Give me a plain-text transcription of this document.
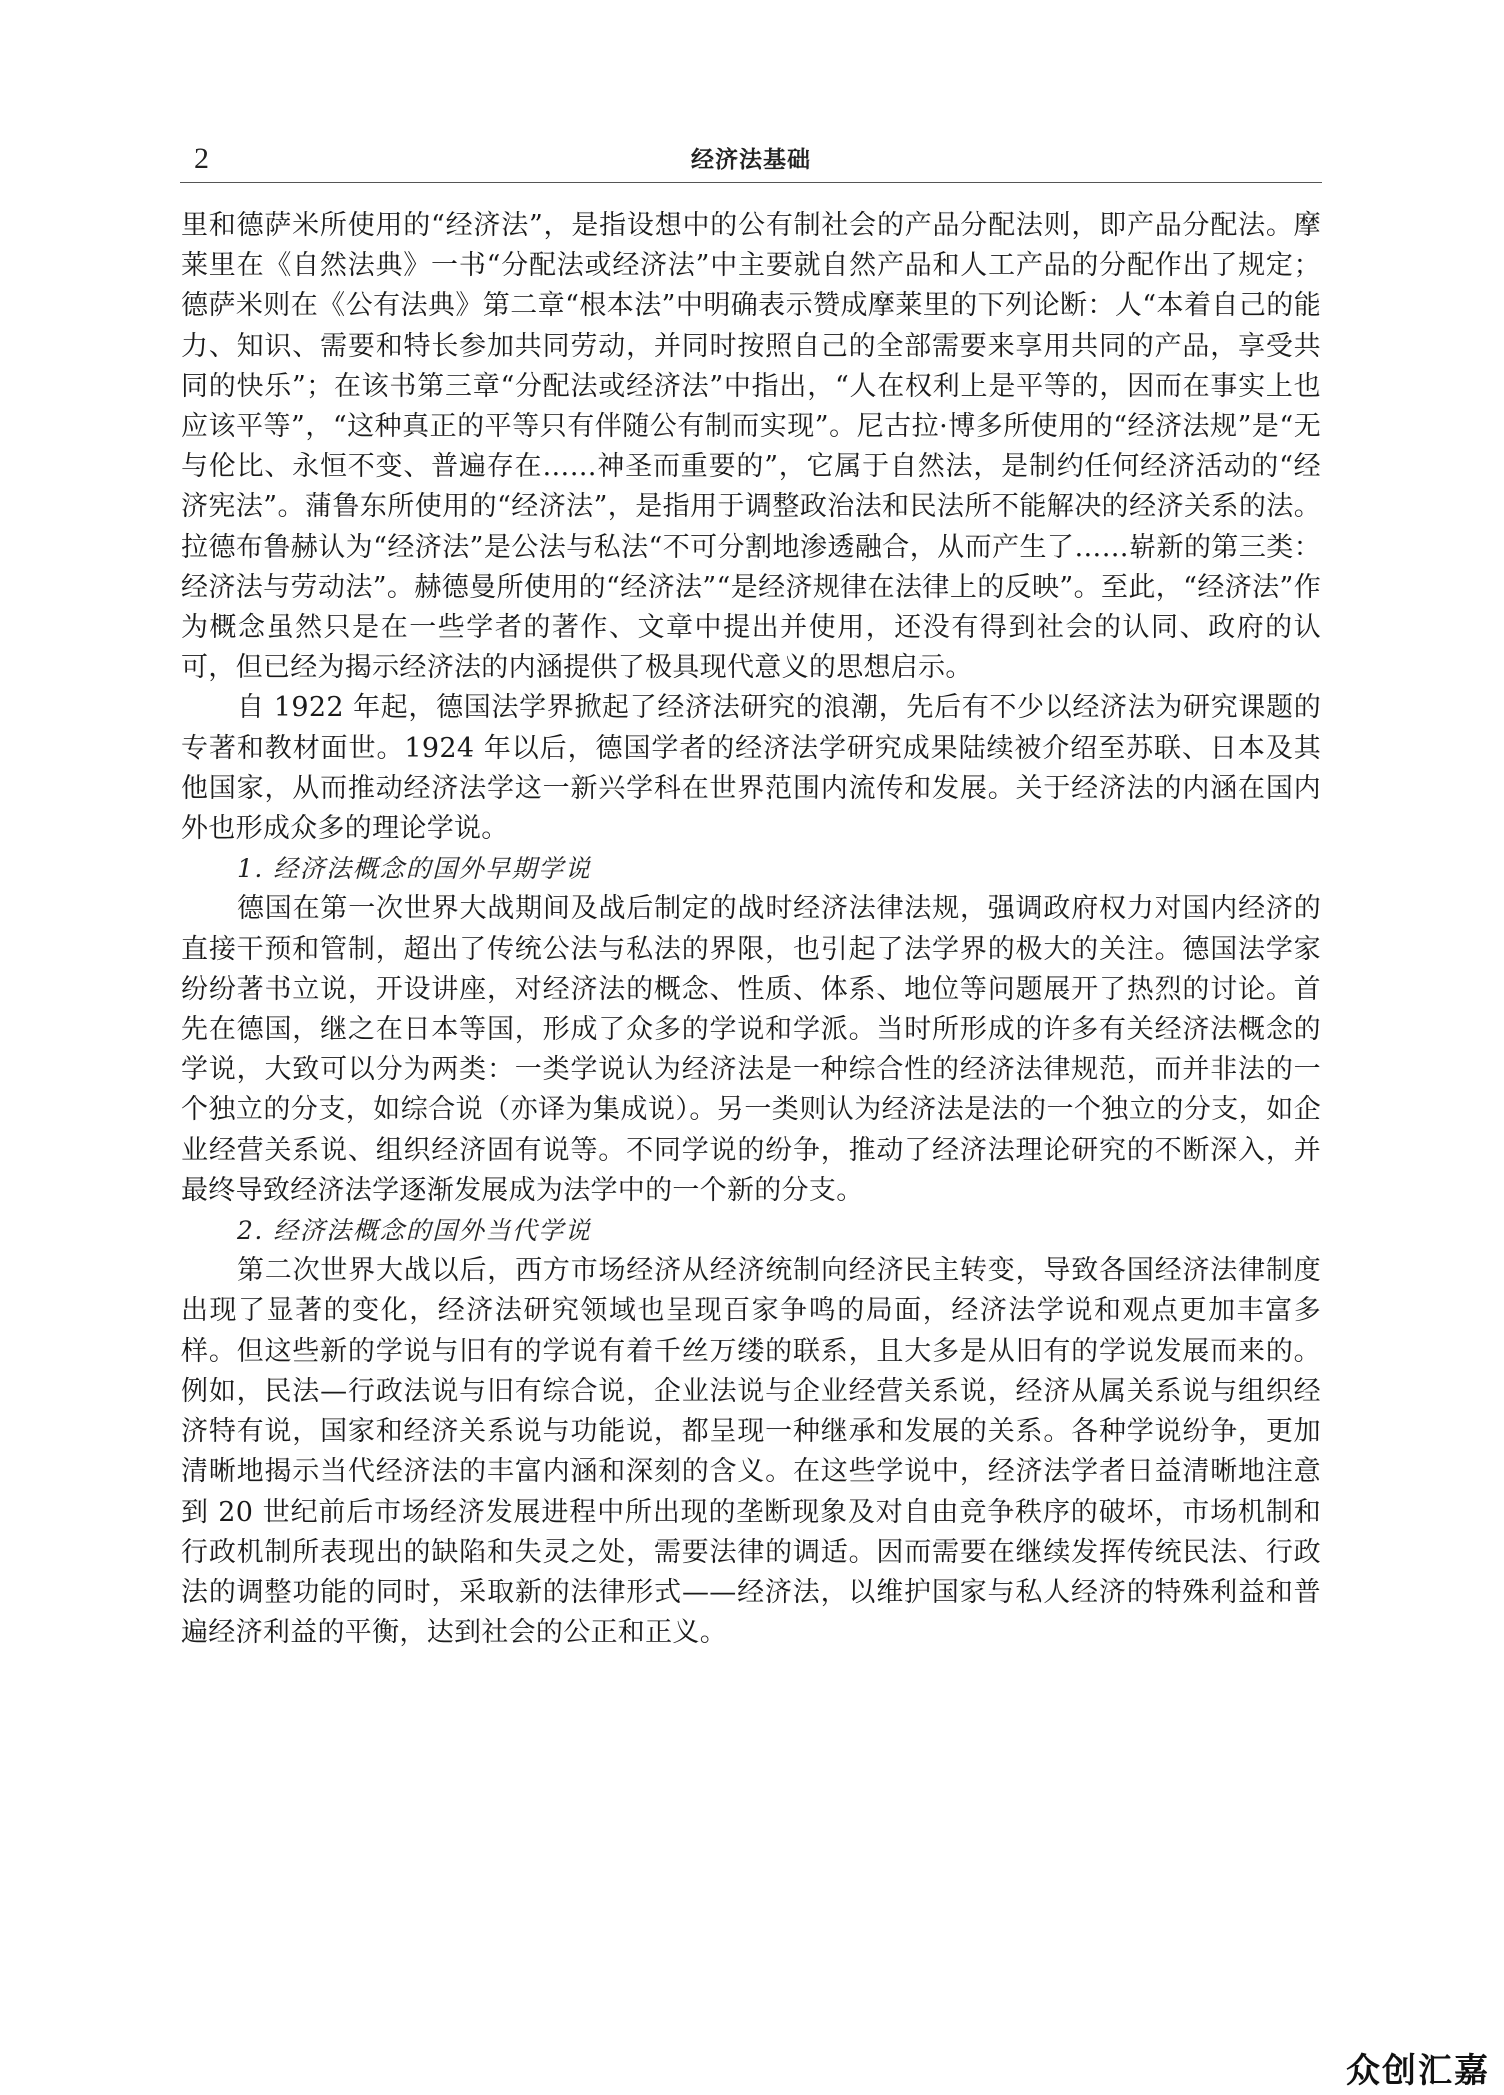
2	经济法基础

里和德萨米所使用的“经济法”，是指设想中的公有制社会的产品分配法则，即产品分配法。摩莱里在《自然法典》一书“分配法或经济法”中主要就自然产品和人工产品的分配作出了规定；德萨米则在《公有法典》第二章“根本法”中明确表示赞成摩莱里的下列论断：人“本着自己的能力、知识、需要和特长参加共同劳动，并同时按照自己的全部需要来享用共同的产品，享受共同的快乐”；在该书第三章“分配法或经济法”中指出，“人在权利上是平等的，因而在事实上也应该平等”，“这种真正的平等只有伴随公有制而实现”。尼古拉·博多所使用的“经济法规”是“无与伦比、永恒不变、普遍存在……神圣而重要的”，它属于自然法，是制约任何经济活动的“经济宪法”。蒲鲁东所使用的“经济法”，是指用于调整政治法和民法所不能解决的经济关系的法。拉德布鲁赫认为“经济法”是公法与私法“不可分割地渗透融合，从而产生了……崭新的第三类：经济法与劳动法”。赫德曼所使用的“经济法”“是经济规律在法律上的反映”。至此，“经济法”作为概念虽然只是在一些学者的著作、文章中提出并使用，还没有得到社会的认同、政府的认可，但已经为揭示经济法的内涵提供了极具现代意义的思想启示。

自 1922 年起，德国法学界掀起了经济法研究的浪潮，先后有不少以经济法为研究课题的专著和教材面世。1924 年以后，德国学者的经济法学研究成果陆续被介绍至苏联、日本及其他国家，从而推动经济法学这一新兴学科在世界范围内流传和发展。关于经济法的内涵在国内外也形成众多的理论学说。

1. 经济法概念的国外早期学说

德国在第一次世界大战期间及战后制定的战时经济法律法规，强调政府权力对国内经济的直接干预和管制，超出了传统公法与私法的界限，也引起了法学界的极大的关注。德国法学家纷纷著书立说，开设讲座，对经济法的概念、性质、体系、地位等问题展开了热烈的讨论。首先在德国，继之在日本等国，形成了众多的学说和学派。当时所形成的许多有关经济法概念的学说，大致可以分为两类：一类学说认为经济法是一种综合性的经济法律规范，而并非法的一个独立的分支，如综合说（亦译为集成说）。另一类则认为经济法是法的一个独立的分支，如企业经营关系说、组织经济固有说等。不同学说的纷争，推动了经济法理论研究的不断深入，并最终导致经济法学逐渐发展成为法学中的一个新的分支。

2. 经济法概念的国外当代学说

第二次世界大战以后，西方市场经济从经济统制向经济民主转变，导致各国经济法律制度出现了显著的变化，经济法研究领域也呈现百家争鸣的局面，经济法学说和观点更加丰富多样。但这些新的学说与旧有的学说有着千丝万缕的联系，且大多是从旧有的学说发展而来的。例如，民法—行政法说与旧有综合说，企业法说与企业经营关系说，经济从属关系说与组织经济特有说，国家和经济关系说与功能说，都呈现一种继承和发展的关系。各种学说纷争，更加清晰地揭示当代经济法的丰富内涵和深刻的含义。在这些学说中，经济法学者日益清晰地注意到 20 世纪前后市场经济发展进程中所出现的垄断现象及对自由竞争秩序的破坏，市场机制和行政机制所表现出的缺陷和失灵之处，需要法律的调适。因而需要在继续发挥传统民法、行政法的调整功能的同时，采取新的法律形式——经济法，以维护国家与私人经济的特殊利益和普遍经济利益的平衡，达到社会的公正和正义。

众创汇嘉
